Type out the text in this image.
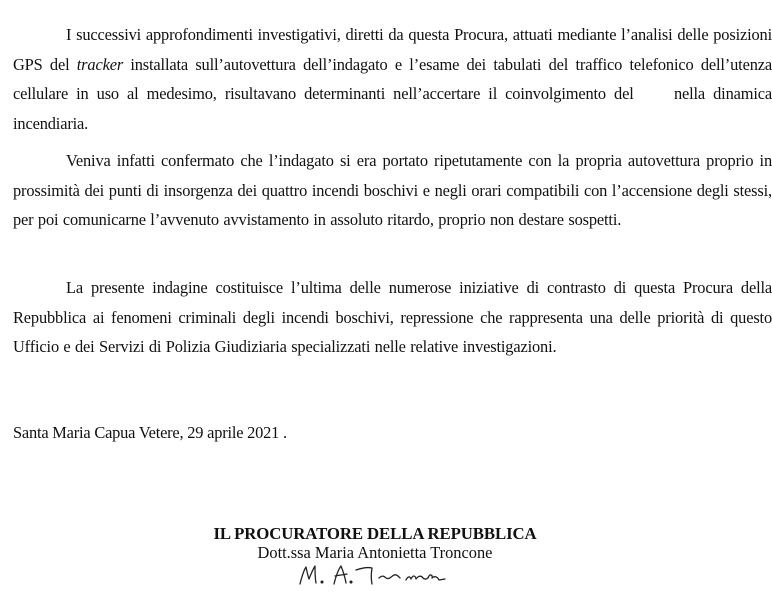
I successivi approfondimenti investigativi, diretti da questa Procura, attuati mediante l’analisi delle posizioni GPS del tracker installata sull’autovettura dell’indagato e l’esame dei tabulati del traffico telefonico dell’utenza cellulare in uso al medesimo, risultavano determinanti nell’accertare il coinvolgimento del     nella dinamica incendiaria.
Veniva infatti confermato che l’indagato si era portato ripetutamente con la propria autovettura proprio in prossimità dei punti di insorgenza dei quattro incendi boschivi e negli orari compatibili con l’accensione degli stessi, per poi comunicarne l’avvenuto avvistamento in assoluto ritardo, proprio non destare sospetti.
La presente indagine costituisce l’ultima delle numerose iniziative di contrasto di questa Procura della Repubblica ai fenomeni criminali degli incendi boschivi, repressione che rappresenta una delle priorità di questo Ufficio e dei Servizi di Polizia Giudiziaria specializzati nelle relative investigazioni.
Santa Maria Capua Vetere, 29 aprile 2021 .
IL PROCURATORE DELLA REPUBBLICA
Dott.ssa Maria Antonietta Troncone
